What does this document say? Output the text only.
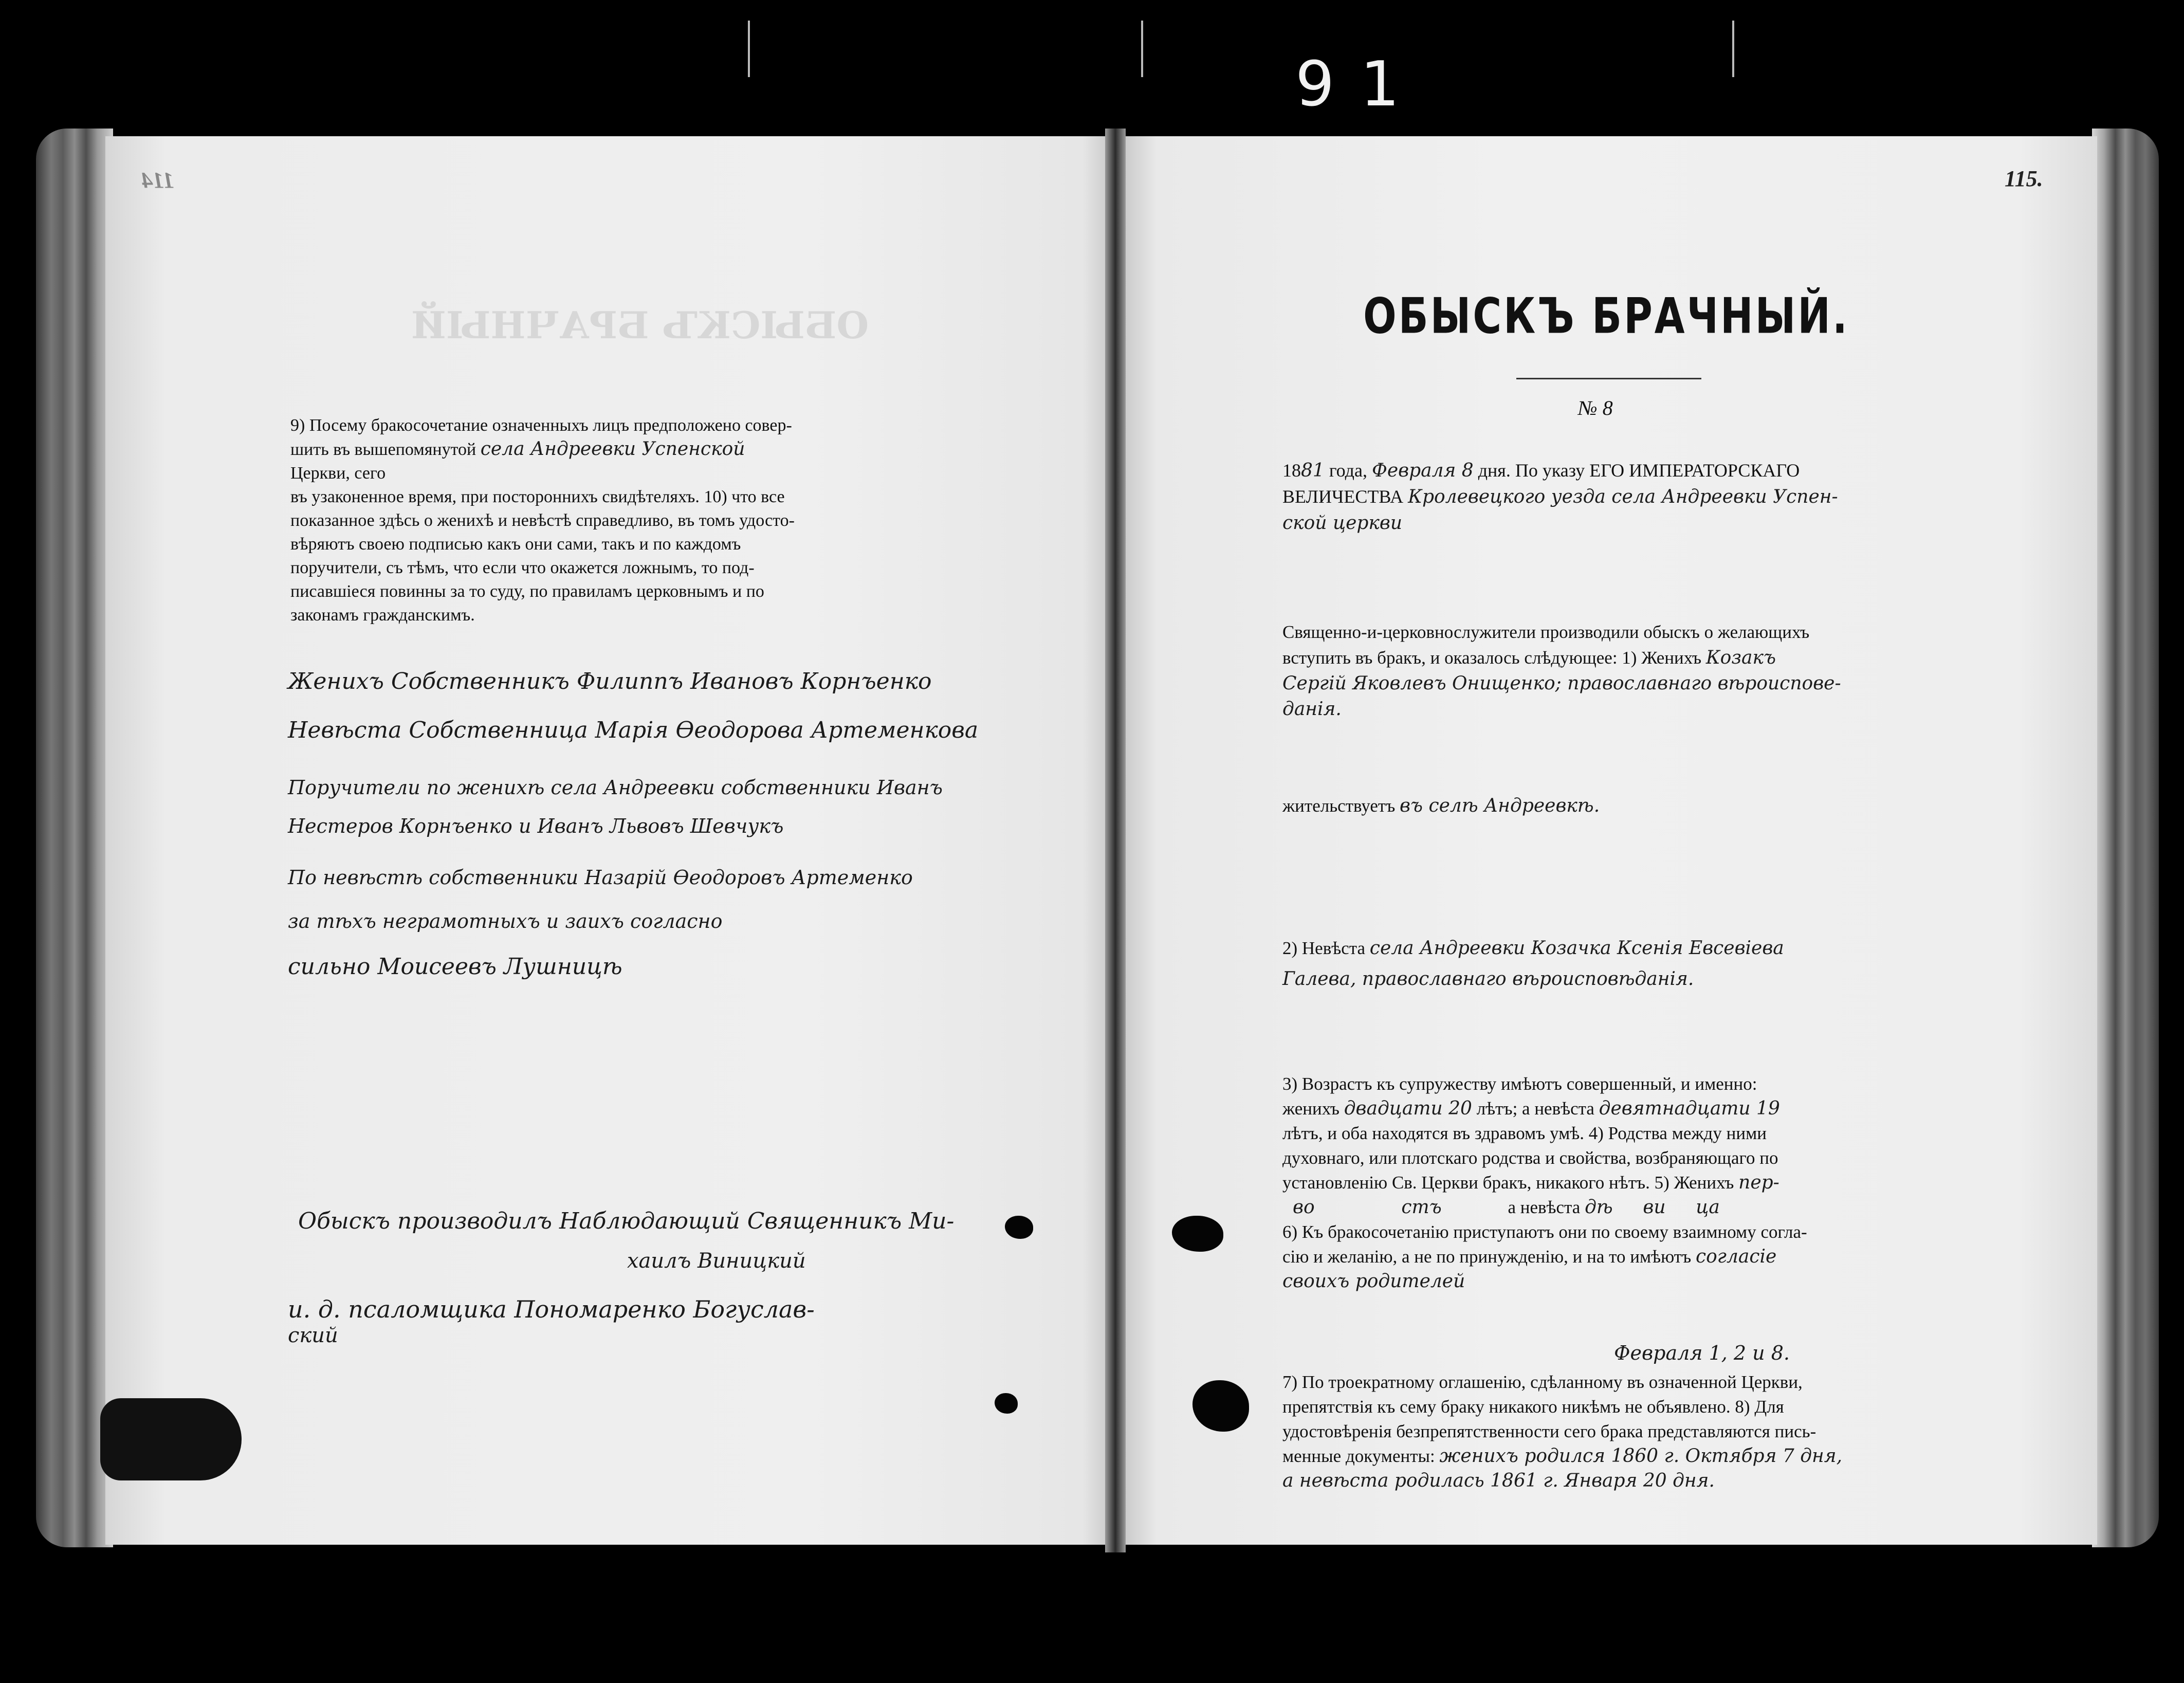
91
114	115.
ОБЫСКЪ БРАЧНЫЙ
9) Посему бракосочетание означенныхъ лицъ предположено совер-
шить въ вышепомянутой села Андреевки Успенской
Церкви, сего
въ узаконенное время, при постороннихъ свидѣтеляхъ. 10) что все
показанное здѣсь о женихѣ и невѣстѣ справедливо, въ томъ удосто-
вѣряютъ своею подписью какъ они сами, такъ и по каждомъ
поручители, съ тѣмъ, что если что окажется ложнымъ, то под-
писавшіеся повинны за то суду, по правиламъ церковнымъ и по
законамъ гражданскимъ.
Женихъ Собственникъ Филиппъ Ивановъ Корнъенко
Невѣста Собственница Марія Ѳеодорова Артеменкова
Поручители по женихѣ села Андреевки собственники Иванъ
Нестеров Корнъенко и Иванъ Львовъ Шевчукъ
По невѣстѣ собственники Назарій Ѳеодоровъ Артеменко
за тѣхъ неграмотныхъ и заихъ согласно
сильно Моисеевъ Лушницѣ
Обыскъ производилъ Наблюдающий Священникъ Ми-
хаилъ Виницкий
и. д. псаломщика Пономаренко Богуслав-
ский
ОБЫСКЪ БРАЧНЫЙ.
№ 8
1881 года, Февраля 8 дня. По указу ЕГО ИМПЕРАТОРСКАГО
ВЕЛИЧЕСТВА Кролевецкого уезда села Андреевки Успен-
ской церкви
Священно-и-церковнослужители производили обыскъ о желающихъ
вступить въ бракъ, и оказалось слѣдующее: 1) Женихъ Козакъ
Сергій Яковлевъ Онищенко; православнаго вѣроиспове-
данія.
жительствуетъ въ селѣ Андреевкѣ.
2) Невѣста села Андреевки Козачка Ксенія Евсевіева
Галева, православнаго вѣроисповѣданія.
3) Возрастъ къ супружеству имѣютъ совершенный, и именно:
женихъ двадцати 20 лѣтъ; а невѣста девятнадцати 19
лѣтъ, и оба находятся въ здравомъ умѣ. 4) Родства между ними
духовнаго, или плотскаго родства и свойства, возбраняющаго по
установленію Св. Церкви бракъ, никакого нѣтъ. 5) Женихъ пер-
во	стъ	а невѣста дѣ ви ца
6) Къ бракосочетанію приступаютъ они по своему взаимному согла-
сію и желанію, а не по принужденію, и на то имѣютъ согласіе
своихъ родителей
Февраля 1, 2 и 8.
7) По троекратному оглашенію, сдѣланному въ означенной Церкви,
препятствія къ сему браку никакого никѣмъ не объявлено. 8) Для
удостовѣренія безпрепятственности сего брака представляются пись-
менные документы: женихъ родился 1860 г. Октября 7 дня,
а невѣста родилась 1861 г. Января 20 дня.
